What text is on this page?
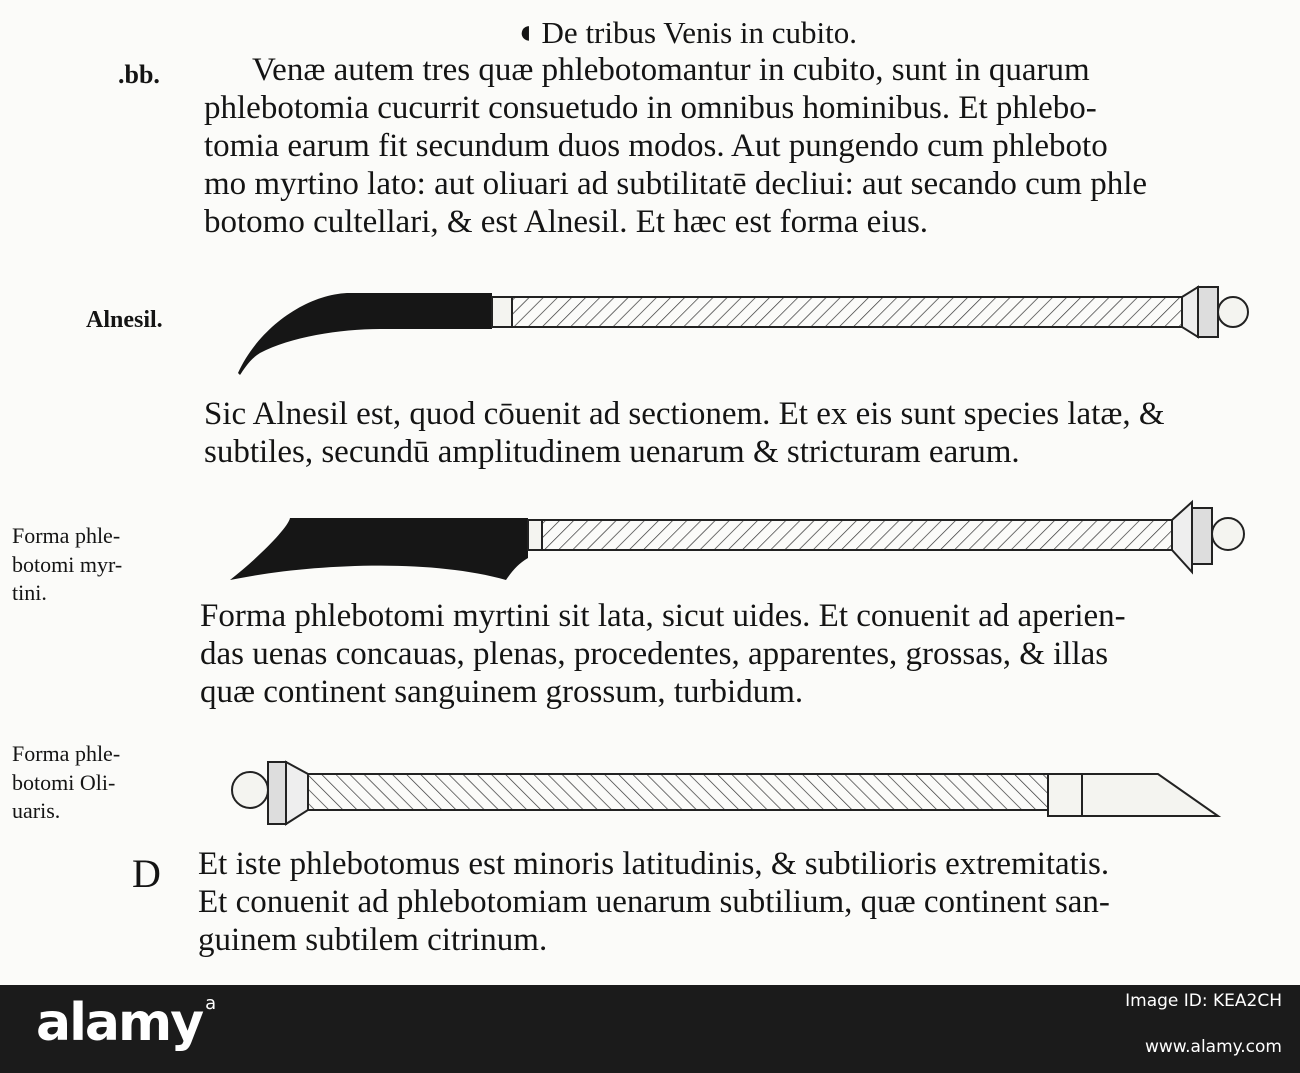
◖ De tribus Venis in cubito.
.bb.	Venæ autem tres quæ phlebotomantur in cubito, sunt in quarum
phlebotomia cucurrit consuetudo in omnibus hominibus. Et phlebo-
tomia earum fit secundum duos modos. Aut pungendo cum phleboto
mo myrtino lato: aut oliuari ad subtilitatē decliui: aut secando cum phle
botomo cultellari, & est Alnesil. Et hæc est forma eius.
Alnesil.
Sic Alnesil est, quod cōuenit ad sectionem. Et ex eis sunt species latæ, &
subtiles, secundū amplitudinem uenarum & stricturam earum.
Forma phle-
botomi myr-
tini.
Forma phlebotomi myrtini sit lata, sicut uides. Et conuenit ad aperien-
das uenas concauas, plenas, procedentes, apparentes, grossas, & illas
quæ continent sanguinem grossum, turbidum.
Forma phle-
botomi Oli-
uaris.
D Et iste phlebotomus est minoris latitudinis, & subtilioris extremitatis.
Et conuenit ad phlebotomiam uenarum subtilium, quæ continent san-
guinem subtilem citrinum.
alamy $^a$	Image ID: KEA2CH
www.alamy.com
